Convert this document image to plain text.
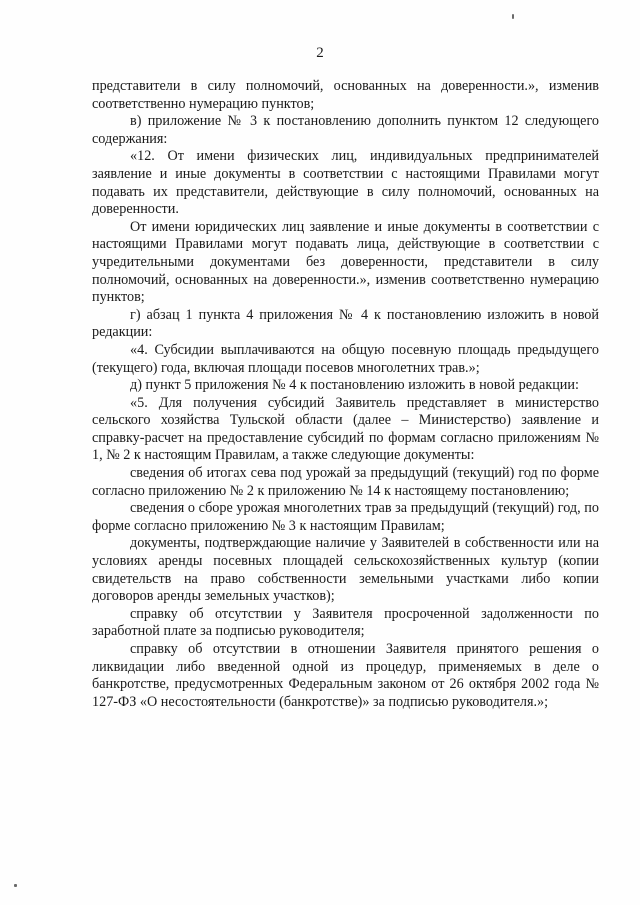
2

представители в силу полномочий, основанных на доверенности.», изменив соответственно нумерацию пунктов;

в) приложение № 3 к постановлению дополнить пунктом 12 следующего содержания:

«12. От имени физических лиц, индивидуальных предпринимателей заявление и иные документы в соответствии с настоящими Правилами могут подавать их представители, действующие в силу полномочий, основанных на доверенности.

От имени юридических лиц заявление и иные документы в соответствии с настоящими Правилами могут подавать лица, действующие в соответствии с учредительными документами без доверенности, представители в силу полномочий, основанных на доверенности.», изменив соответственно нумерацию пунктов;

г) абзац 1 пункта 4 приложения № 4 к постановлению изложить в новой редакции:

«4. Субсидии выплачиваются на общую посевную площадь предыдущего (текущего) года, включая площади посевов многолетних трав.»;

д) пункт 5 приложения № 4 к постановлению изложить в новой редакции:

«5. Для получения субсидий Заявитель представляет в министерство сельского хозяйства Тульской области (далее – Министерство) заявление и справку-расчет на предоставление субсидий по формам согласно приложениям № 1, № 2 к настоящим Правилам, а также следующие документы:

сведения об итогах сева под урожай за предыдущий (текущий) год по форме согласно приложению № 2 к приложению № 14 к настоящему постановлению;

сведения о сборе урожая многолетних трав за предыдущий (текущий) год, по форме согласно приложению № 3 к настоящим Правилам;

документы, подтверждающие наличие у Заявителей в собственности или на условиях аренды посевных площадей сельскохозяйственных культур (копии свидетельств на право собственности земельными участками либо копии договоров аренды земельных участков);

справку об отсутствии у Заявителя просроченной задолженности по заработной плате за подписью руководителя;

справку об отсутствии в отношении Заявителя принятого решения о ликвидации либо введенной одной из процедур, применяемых в деле о банкротстве, предусмотренных Федеральным законом от 26 октября 2002 года № 127-ФЗ «О несостоятельности (банкротстве)» за подписью руководителя.»;
